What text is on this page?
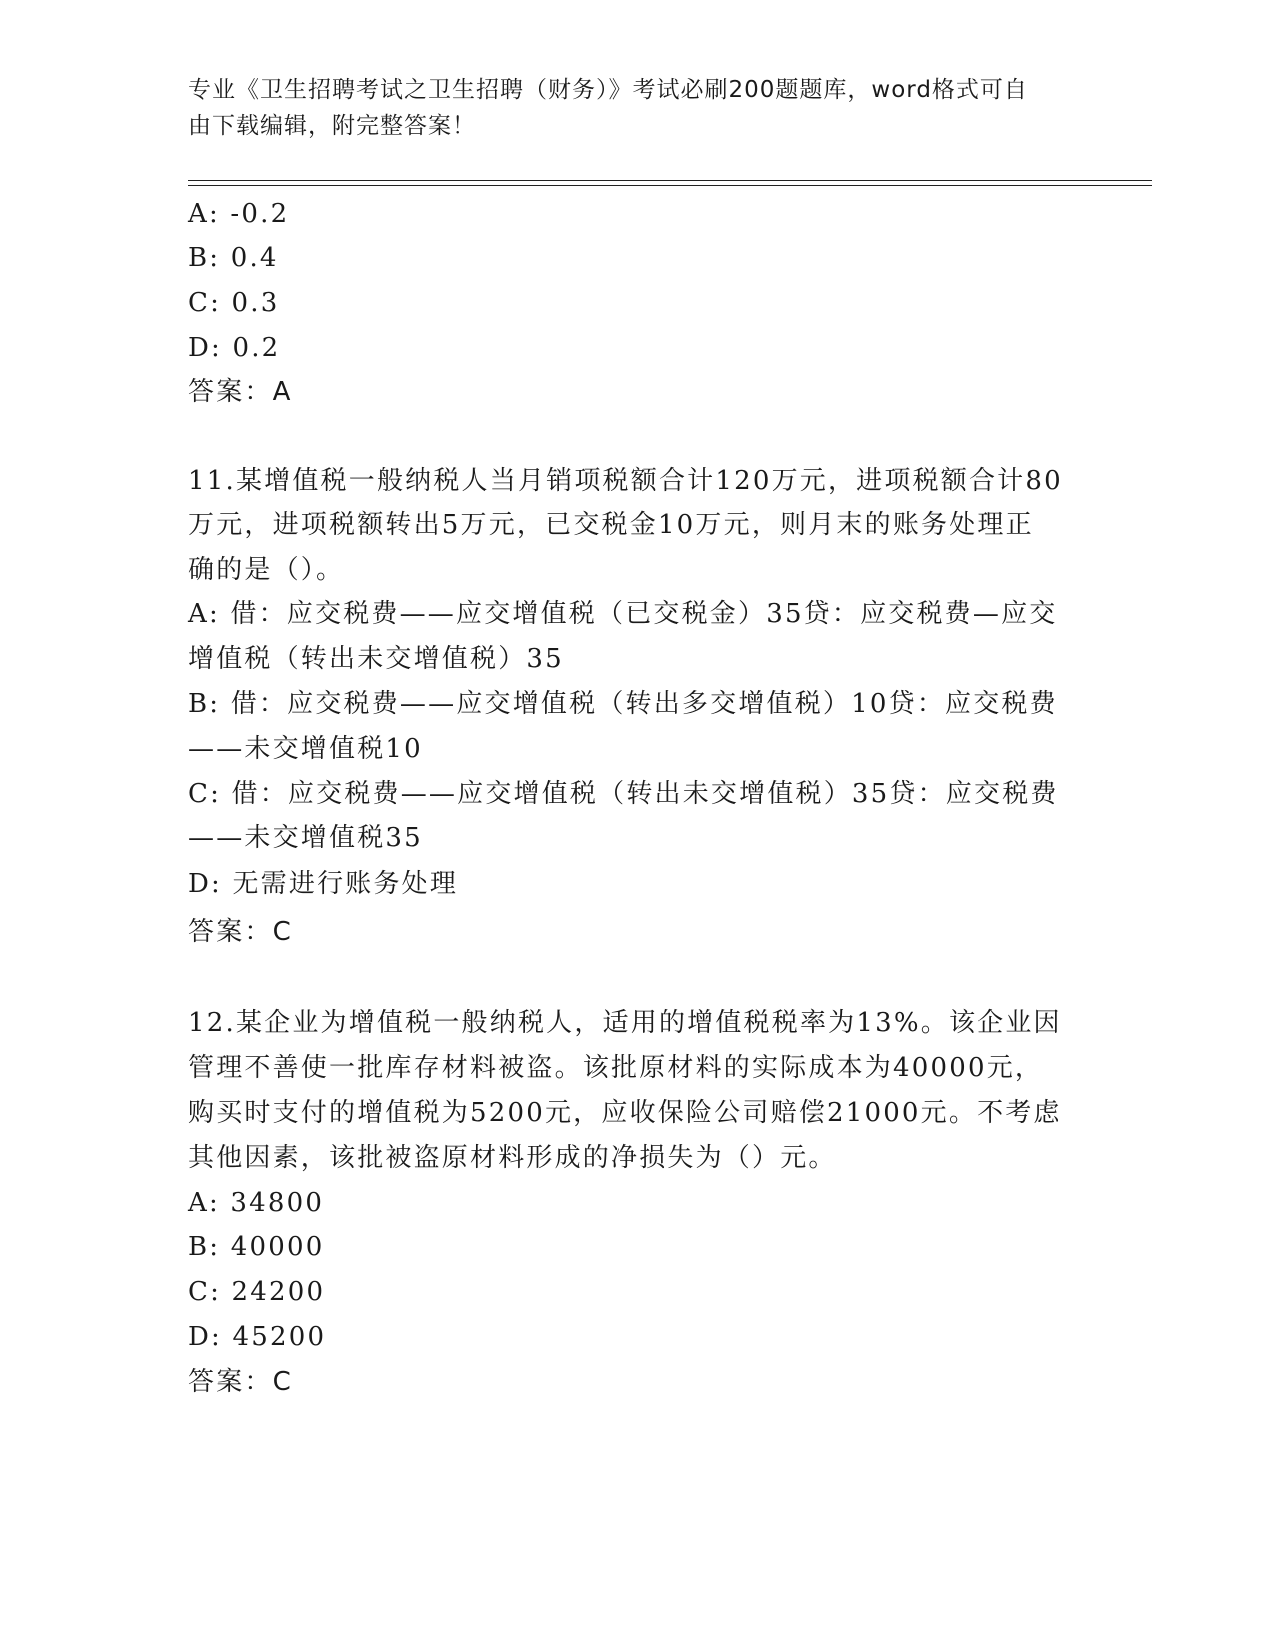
专业《卫生招聘考试之卫生招聘（财务）》考试必刷200题题库，word格式可自
由下载编辑，附完整答案！
A: -0.2
B: 0.4
C: 0.3
D: 0.2
答案：A
11.某增值税一般纳税人当月销项税额合计120万元，进项税额合计80
万元，进项税额转出5万元，已交税金10万元，则月末的账务处理正
确的是（）。
A: 借：应交税费——应交增值税（已交税金）35贷：应交税费—应交
增值税（转出未交增值税）35
B: 借：应交税费——应交增值税（转出多交增值税）10贷：应交税费
——未交增值税10
C: 借：应交税费——应交增值税（转出未交增值税）35贷：应交税费
——未交增值税35
D: 无需进行账务处理
答案：C
12.某企业为增值税一般纳税人，适用的增值税税率为13%。该企业因
管理不善使一批库存材料被盗。该批原材料的实际成本为40000元，
购买时支付的增值税为5200元，应收保险公司赔偿21000元。不考虑
其他因素，该批被盗原材料形成的净损失为（）元。
A: 34800
B: 40000
C: 24200
D: 45200
答案：C
